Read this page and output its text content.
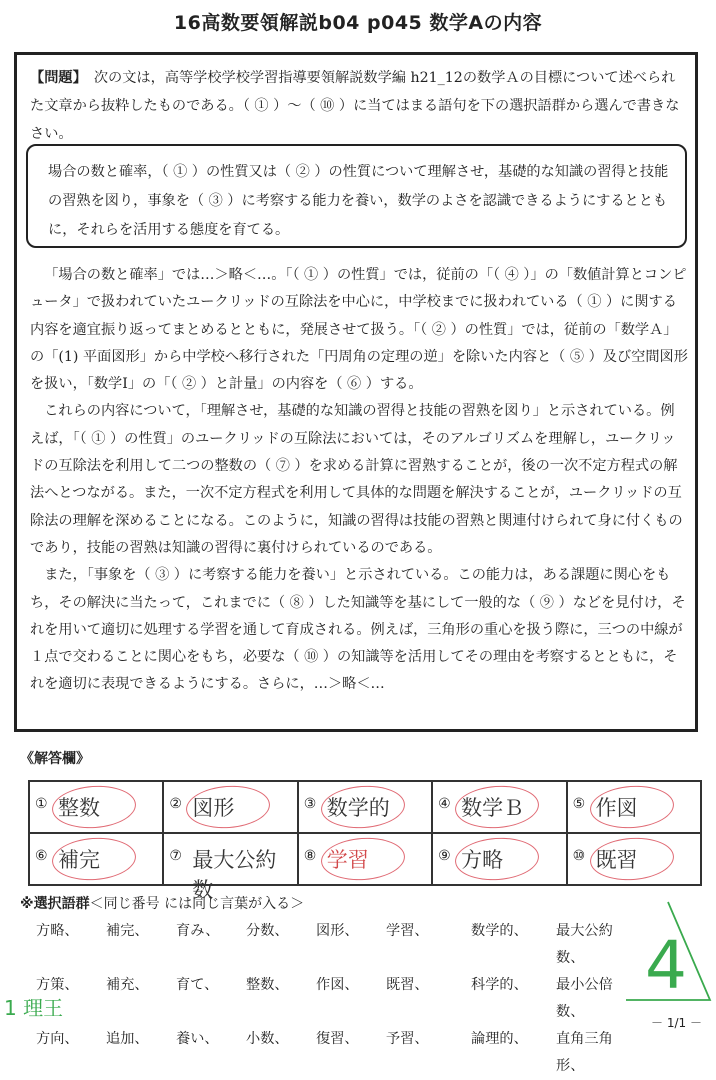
16高数要領解説b04 p045 数学Aの内容
【問題】　次の文は，高等学校学校学習指導要領解説数学編 h21_12の数学Ａの目標について述べられた文章から抜粋したものである。（ ① ）～（ ⑩ ）に当てはまる語句を下の選択語群から選んで書きなさい。
場合の数と確率，（ ① ）の性質又は（ ② ）の性質について理解させ，基礎的な知識の習得と技能の習熟を図り，事象を（ ③ ）に考察する能力を養い，数学のよさを認識できるようにするとともに，それらを活用する態度を育てる。

「場合の数と確率」では…＞略＜…。「（ ① ）の性質」では，従前の「（ ④ ）」の「数値計算とコンピュータ」で扱われていたユークリッドの互除法を中心に，中学校までに扱われている（ ① ）に関する内容を適宜振り返ってまとめるとともに，発展させて扱う。「（ ② ）の性質」では，従前の「数学Ａ」の「(1) 平面図形」から中学校へ移行された「円周角の定理の逆」を除いた内容と（ ⑤ ）及び空間図形を扱い，「数学Ⅰ」の「（ ② ）と計量」の内容を（ ⑥ ）する。

これらの内容について，「理解させ，基礎的な知識の習得と技能の習熟を図り」と示されている。例えば，「（ ① ）の性質」のユークリッドの互除法においては，そのアルゴリズムを理解し，ユークリッドの互除法を利用して二つの整数の（ ⑦ ）を求める計算に習熟することが，後の一次不定方程式の解法へとつながる。また，一次不定方程式を利用して具体的な問題を解決することが，ユークリッドの互除法の理解を深めることになる。このように，知識の習得は技能の習熟と関連付けられて身に付くものであり，技能の習熟は知識の習得に裏付けられているのである。

また，「事象を（ ③ ）に考察する能力を養い」と示されている。この能力は，ある課題に関心をもち，その解決に当たって，これまでに（ ⑧ ）した知識等を基にして一般的な（ ⑨ ）などを見付け，それを用いて適切に処理する学習を通して育成される。例えば，三角形の重心を扱う際に，三つの中線が１点で交わることに関心をもち，必要な（ ⑩ ）の知識等を活用してその理由を考察するとともに，それを適切に表現できるようにする。さらに，…＞略＜…

《解答欄》
① 整数	② 図形	③ 数学的	④ 数学Ｂ	⑤ 作図

⑥ 補完	⑦ 最大公約数	⑧ 学習	⑨ 方略	⑩ 既習
※選択語群＜同じ番号 には同じ言葉が入る＞
方略、	補完、	育み、	分数、	図形、	学習、	数学的、	最大公約数、
方策、	補充、	育て、	整数、	作図、	既習、	科学的、	最小公倍数、
方向、	追加、	養い、	小数、	復習、	予習、	論理的、	直角三角形、
4
1 理王
－ 1/1 －
